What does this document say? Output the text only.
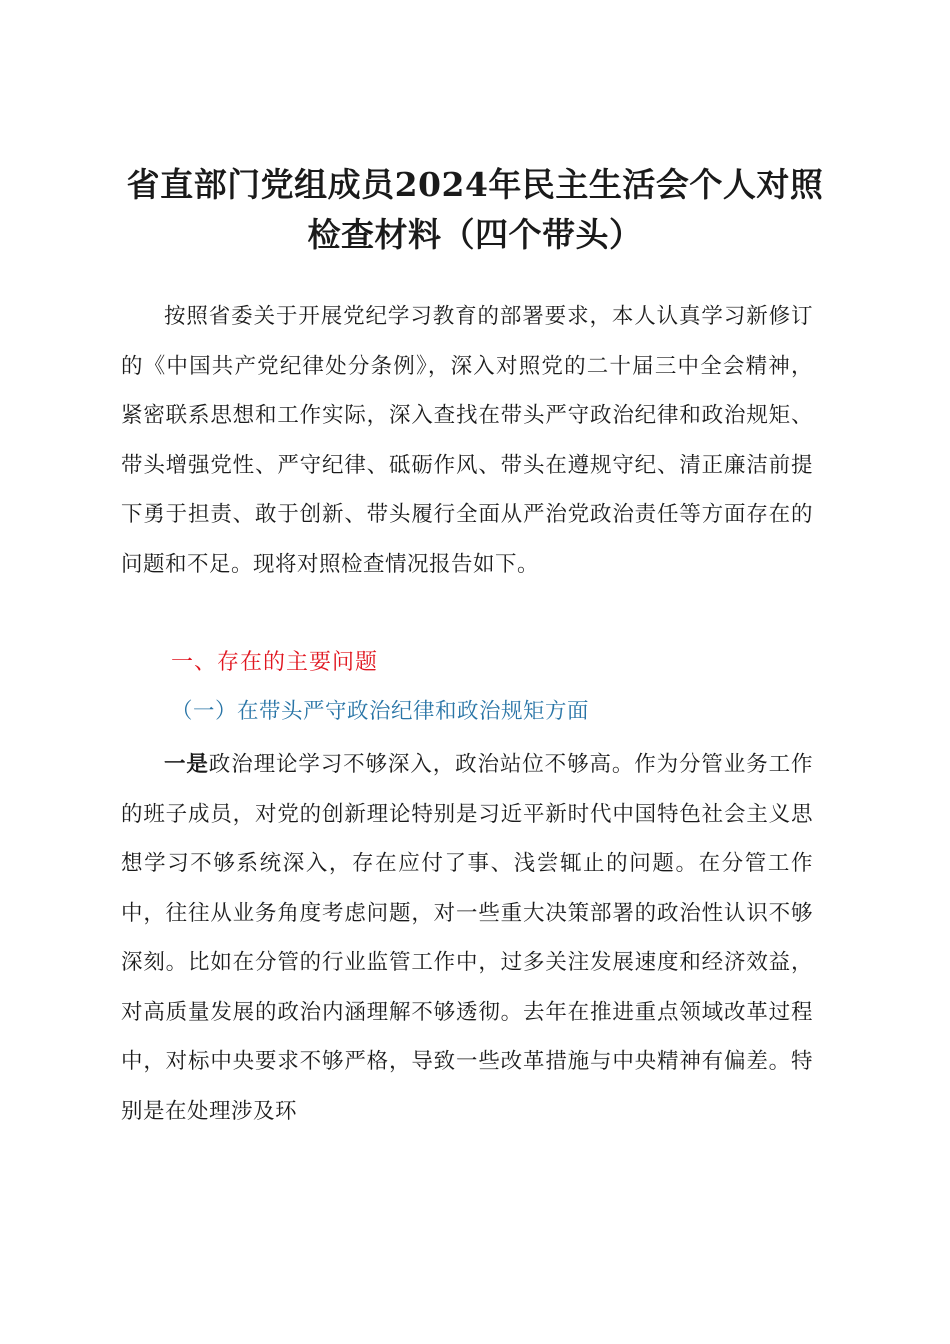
省直部门党组成员2024年民主生活会个人对照
检查材料（四个带头）

按照省委关于开展党纪学习教育的部署要求，本人认真学习新修订的《中国共产党纪律处分条例》，深入对照党的二十届三中全会精神，紧密联系思想和工作实际，深入查找在带头严守政治纪律和政治规矩、带头增强党性、严守纪律、砥砺作风、带头在遵规守纪、清正廉洁前提下勇于担责、敢于创新、带头履行全面从严治党政治责任等方面存在的问题和不足。现将对照检查情况报告如下。

一、存在的主要问题
（一）在带头严守政治纪律和政治规矩方面

一是政治理论学习不够深入，政治站位不够高。作为分管业务工作的班子成员，对党的创新理论特别是习近平新时代中国特色社会主义思想学习不够系统深入，存在应付了事、浅尝辄止的问题。在分管工作中，往往从业务角度考虑问题，对一些重大决策部署的政治性认识不够深刻。比如在分管的行业监管工作中，过多关注发展速度和经济效益，对高质量发展的政治内涵理解不够透彻。去年在推进重点领域改革过程中，对标中央要求不够严格，导致一些改革措施与中央精神有偏差。特别是在处理涉及环
